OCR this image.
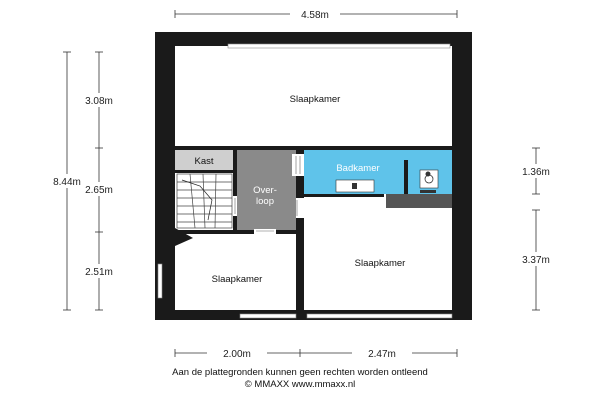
4.58m
8.44m
3.08m
2.65m
2.51m
1.36m
3.37m
2.00m	2.47m
Slaapkamer
Kast
Over-
loop
Badkamer
Slaapkamer
Slaapkamer
Aan de plattegronden kunnen geen rechten worden ontleend
© MMAXX www.mmaxx.nl
